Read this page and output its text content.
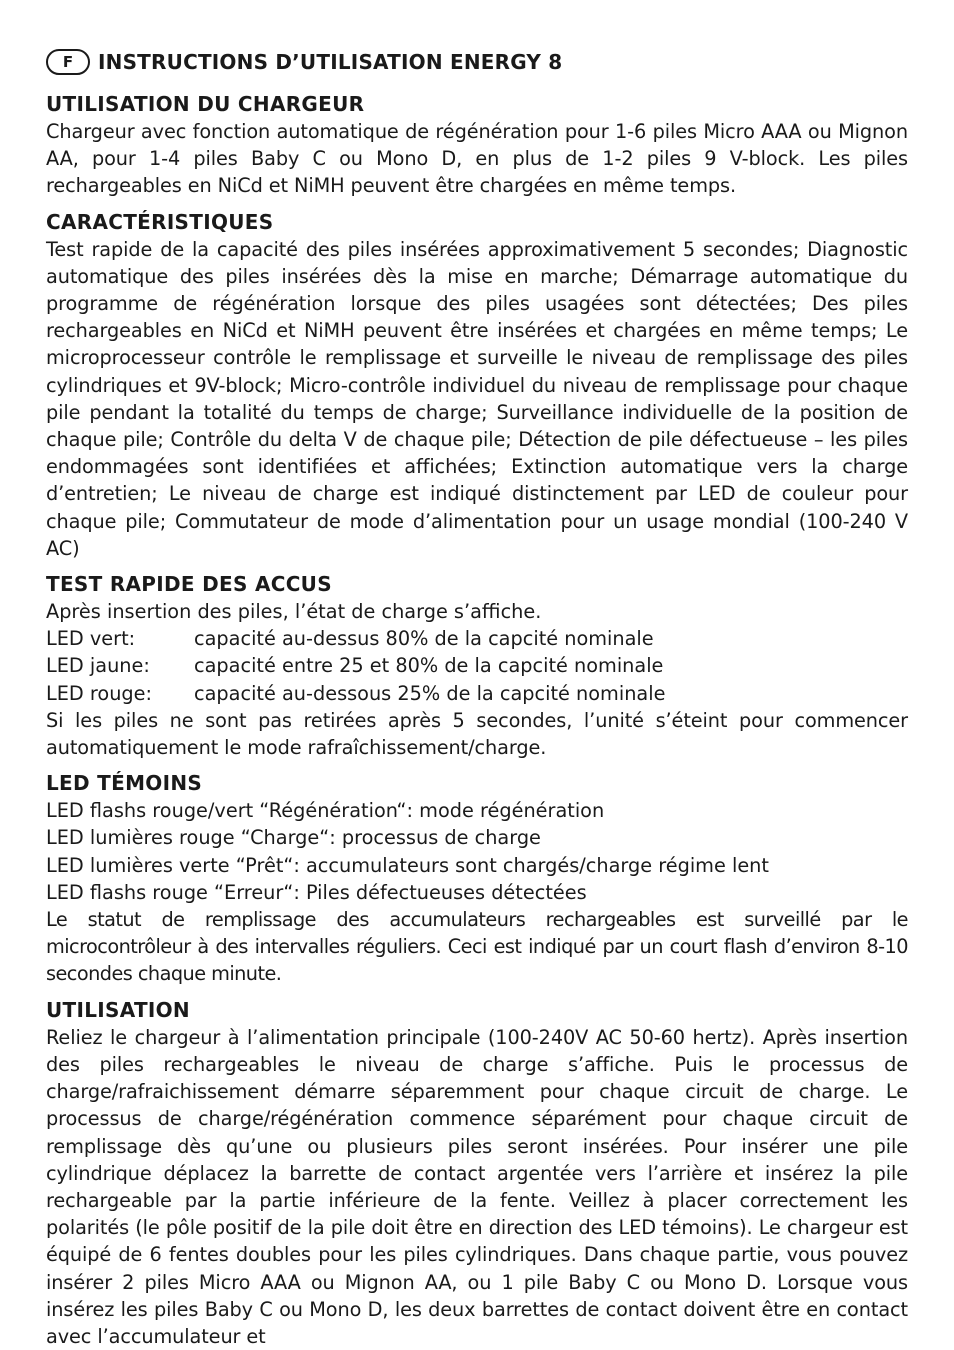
F	INSTRUCTIONS D’UTILISATION ENERGY 8
UTILISATION DU CHARGEUR

Chargeur avec fonction automatique de régénération pour 1-6 piles Micro AAA ou Mignon AA, pour 1-4 piles Baby C ou Mono D, en plus de 1-2 piles 9 V-block. Les piles rechargeables en NiCd et NiMH peuvent être chargées en même temps.

CARACTÉRISTIQUES

Test rapide de la capacité des piles insérées approximativement 5 secondes; Diagnostic automatique des piles insérées dès la mise en marche; Démarrage automatique du programme de régénération lorsque des piles usagées sont détectées; Des piles rechargeables en NiCd et NiMH peuvent être insérées et chargées en même temps; Le microprocesseur contrôle le remplissage et surveille le niveau de remplissage des piles cylindriques et 9V-block; Micro-contrôle individuel du niveau de remplissage pour chaque pile pendant la totalité du temps de charge; Surveillance individuelle de la position de chaque pile; Contrôle du delta V de chaque pile; Détection de pile défectueuse – les piles endommagées sont identifiées et affichées; Extinction automatique vers la charge d’entretien; Le niveau de charge est indiqué distinctement par LED de couleur pour chaque pile; Commutateur de mode d’alimentation pour un usage mondial (100-240 V AC)

TEST RAPIDE DES ACCUS
Après insertion des piles, l’état de charge s’affiche.
LED vert:	capacité au-dessus 80% de la capcité nominale
LED jaune:	capacité entre 25 et 80% de la capcité nominale
LED rouge:	capacité au-dessous 25% de la capcité nominale

Si les piles ne sont pas retirées après 5 secondes, l’unité s’éteint pour commencer automatiquement le mode rafraîchissement/charge.

LED TÉMOINS
LED flashs rouge/vert “Régénération“: mode régénération
LED lumières rouge “Charge“: processus de charge
LED lumières verte “Prêt“: accumulateurs sont chargés/charge régime lent
LED flashs rouge “Erreur“: Piles défectueuses détectées

Le statut de remplissage des accumulateurs rechargeables est surveillé par le microcontrôleur à des intervalles réguliers. Ceci est indiqué par un court flash d’environ 8-10 secondes chaque minute.

UTILISATION

Reliez le chargeur à l’alimentation principale (100-240V AC 50-60 hertz). Après insertion des piles rechargeables le niveau de charge s’affiche. Puis le processus de charge/rafraichissement démarre séparemment pour chaque circuit de charge. Le processus de charge/régénération commence séparément pour chaque circuit de remplissage dès qu’une ou plusieurs piles seront insérées. Pour insérer une pile cylindrique déplacez la barrette de contact argentée vers l’arrière et insérez la pile rechargeable par la partie inférieure de la fente. Veillez à placer correctement les polarités (le pôle positif de la pile doit être en direction des LED témoins). Le chargeur est équipé de 6 fentes doubles pour les piles cylindriques. Dans chaque partie, vous pouvez insérer 2 piles Micro AAA ou Mignon AA, ou 1 pile Baby C ou Mono D. Lorsque vous insérez les piles Baby C ou Mono D, les deux barrettes de contact doivent être en contact avec l’accumulateur et
